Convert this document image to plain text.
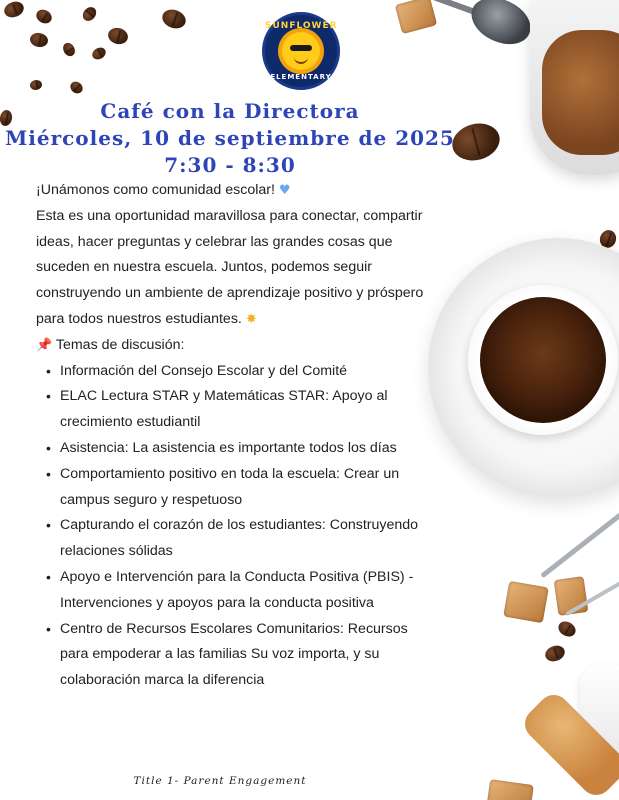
SUNFLOWER
ELEMENTARY
Café con la Directora
Miércoles, 10 de septiembre de 2025
7:30 - 8:30

¡Unámonos como comunidad escolar! ♥

Esta es una oportunidad maravillosa para conectar, compartir ideas, hacer preguntas y celebrar las grandes cosas que suceden en nuestra escuela. Juntos, podemos seguir construyendo un ambiente de aprendizaje positivo y próspero para todos nuestros estudiantes. ✸

📌 Temas de discusión:

• Información del Consejo Escolar y del Comité
• ELAC Lectura STAR y Matemáticas STAR: Apoyo al crecimiento estudiantil
• Asistencia: La asistencia es importante todos los días
• Comportamiento positivo en toda la escuela: Crear un campus seguro y respetuoso
• Capturando el corazón de los estudiantes: Construyendo relaciones sólidas
• Apoyo e Intervención para la Conducta Positiva (PBIS) - Intervenciones y apoyos para la conducta positiva
• Centro de Recursos Escolares Comunitarios: Recursos para empoderar a las familias Su voz importa, y su colaboración marca la diferencia
Title 1- Parent Engagement
